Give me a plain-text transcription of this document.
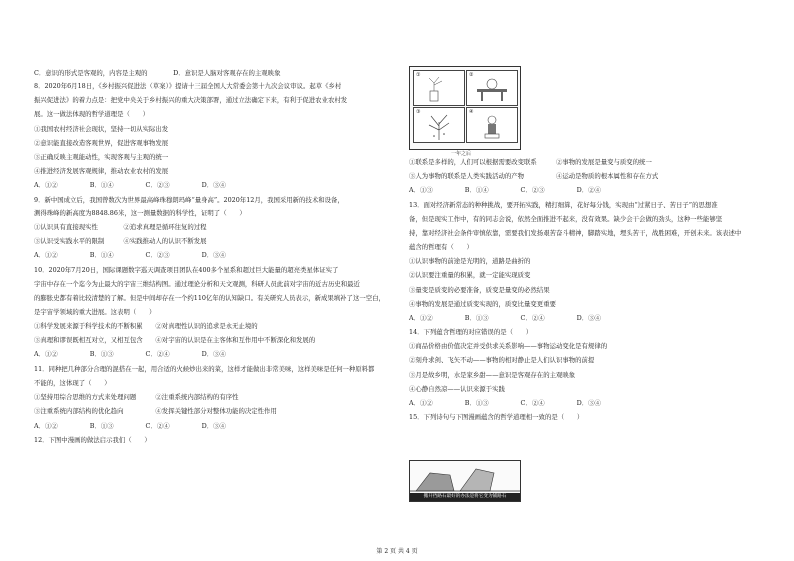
C．意识的形式是客观的，内容是主观的　　　　D．意识是人脑对客观存在的主观映象
8．2020年6月18日，《乡村振兴促进法（草案）》提请十三届全国人大常委会第十九次会议审议。起草《乡村
振兴促进法》的着力点是：把党中央关于乡村振兴的重大决策部署，通过立法确定下来，有利于促进农业农村发
展。这一做法体现的哲学道理是（　　）
①我国农村经济社会现状，坚持一切从实际出发
②意识能直接改造客观世界，促进客观事物发展
③正确反映主观能动性，实现客观与主观的统一
④推进经济发展客观规律，推动农业农村的发展
A．①②　　　　　B．①④　　　　　C．②③　　　　　D．③④
9．新中国成立后，我国曾数次为世界最高峰珠穆朗玛峰“量身高”。2020年12月，我国采用新的技术和设备，
测得珠峰的新高度为8848.86米，这一测量数据的科学性，证明了（　　）
①认识具有直接现实性　　　　②追求真理是循环往复的过程
③认识受实践水平的限制　　　④实践推动人的认识不断发展
A．①②　　　　　B．①④　　　　　C．②③　　　　　D．③④
10．2020年7月20日，国际课题数字巡天调查项目团队在400多个星系和超过巨大能量的超亮类星体证实了
宇宙中存在一个迄今为止最大的宇宙三维结构图。通过理论分析和天文观测，科研人员此前对宇宙的近古历史和最近
的膨胀史都有着比较清楚的了解。但是中间却存在一个约110亿年的认知缺口。有关研究人员表示，新成果填补了这一空白，
是宇宙学领域的重大进展。这表明（　　）
①科学发展来源于科学技术的不断积累　　②对真理性认识的追求是永无止境的
③真理和谬误既相互对立，又相互包含　　④对宇宙的认识是在主客体和互作用中不断深化和发展的
A．①②　　　　　B．①③　　　　　C．②④　　　　　D．③④
11．同种把几种部分合理的混搭在一起，用合适的火候炒出来的菜，这样才能做出非常美味，这样美味是任何一种原料都
不能的，这体现了（　　）
①坚持用综合思维的方式来处理问题　　　②注重系统内部结构的有序性
③注重系统内部结构的优化趋向　　　　　④发挥关键性部分对整体功能的决定性作用
A．①②　　　　　B．①③　　　　　C．②④　　　　　D．③④
12．下图中漫画的做法启示我们（　　）
①	②
③	④
一年之后
①联系是多样的，人们可以根据需要改变联系　　　②事物的发展是量变与质变的统一
③人为事物的联系是人类实践活动的产物　　　　　④运动是物质的根本属性和存在方式
A．①③　　　　　B．①④　　　　　C．②③　　　　　D．②④
13．面对经济新常态的种种挑战，要开拓实践，精打细算，花好每分钱，实现由“过紧日子、苦日子”的思想准
备，但是现实工作中，有的同志会说，依然全面推进不起来，没有效果。缺少会干会做的劲头，这种一些能够坚
持，靠对经济社会条件审慎依靠，需要我们发扬艰苦奋斗精神，脚踏实地，埋头苦干，战胜困难，开创未来。该表述中
蕴含的哲理有（　　）
①认识事物的前途是光明的，道路是曲折的
②认识要注重量的积累，就一定能实现质变
③量变是质变的必要准备，质变是量变的必然结果
④事物的发展是通过质变实现的，质变比量变更重要
A．①②　　　　　B．①③　　　　　C．②④　　　　　D．③④
14．下列蕴含哲理的对应错误的是（　　）
①商品价格由价值决定并受供求关系影响——事物运动变化是有规律的
②刻舟求剑、飞矢不动——事物的相对静止是人们认识事物的前提
③月是故乡明，水是家乡甜——意识是客观存在的主观映象
④心静自然凉——认识来源于实践
A．①②　　　　　B．①③　　　　　C．②④　　　　　D．③④
15．下列诗句与下图漫画蕴含的哲学道理相一致的是（　　）
搬开挡路石最好的办法是将它变为铺路石
第 2 页 共 4 页
